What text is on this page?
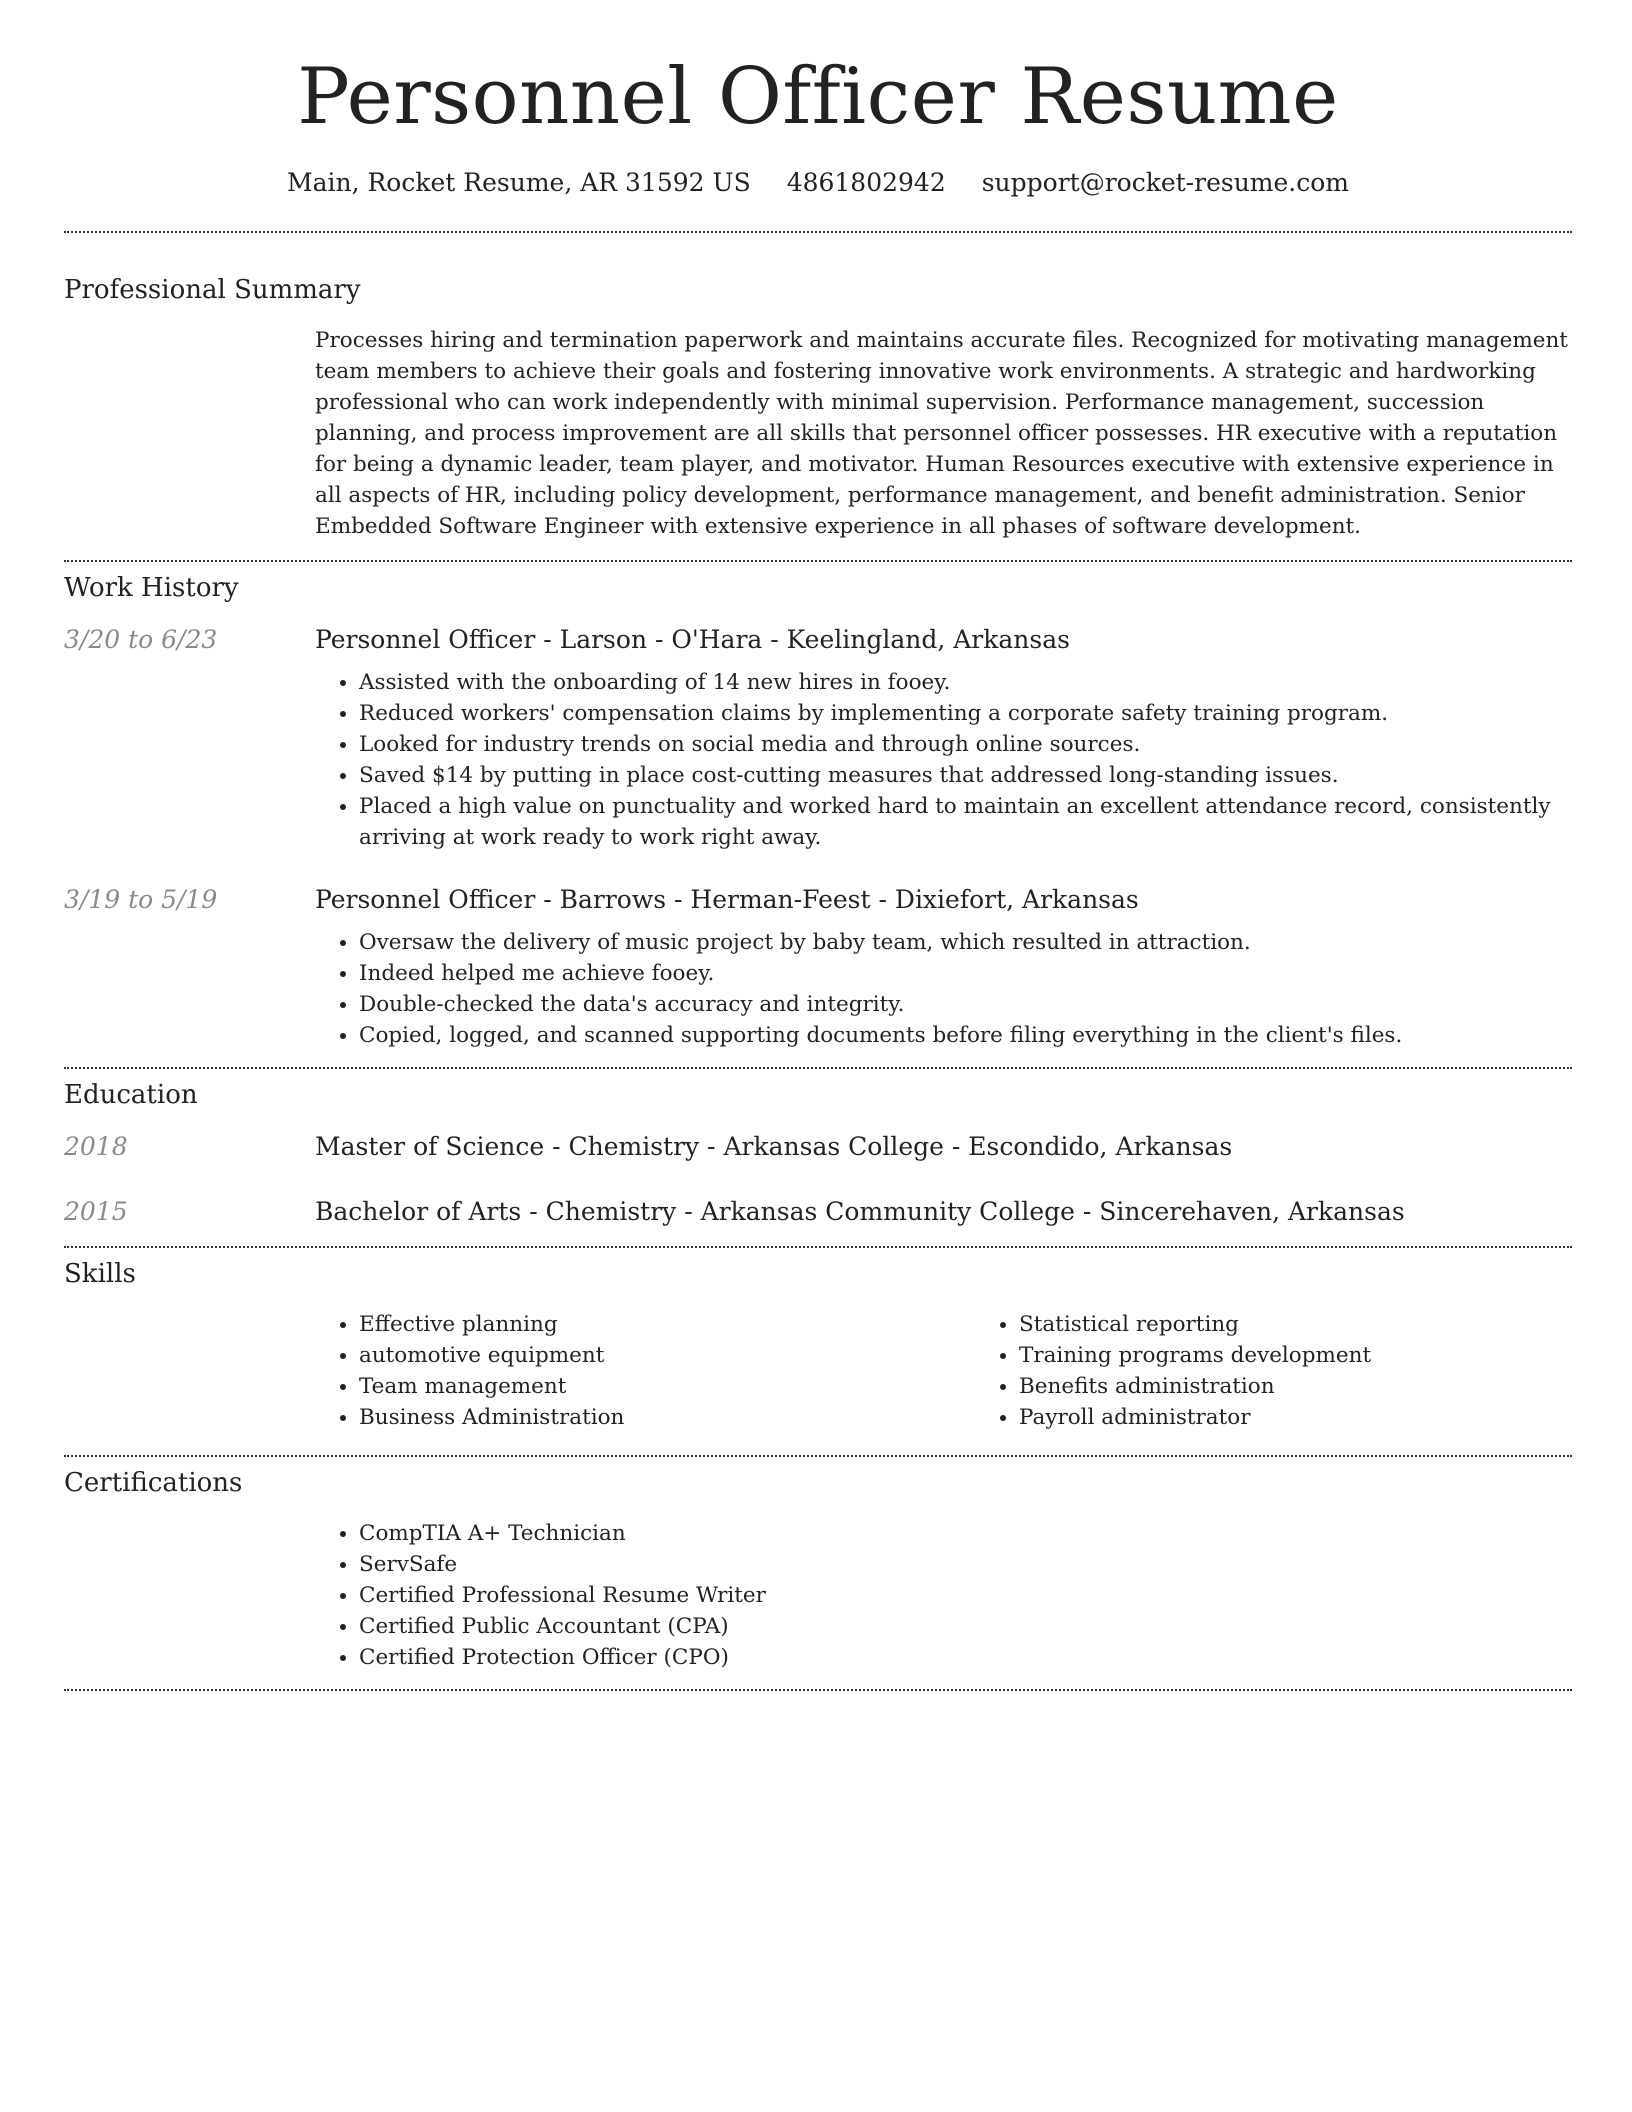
Personnel Officer Resume
Main, Rocket Resume, AR 31592 US 4861802942 support@rocket-resume.com
Professional Summary

Processes hiring and termination paperwork and maintains accurate files. Recognized for motivating management team members to achieve their goals and fostering innovative work environments. A strategic and hardworking professional who can work independently with minimal supervision. Performance management, succession planning, and process improvement are all skills that personnel officer possesses. HR executive with a reputation for being a dynamic leader, team player, and motivator. Human Resources executive with extensive experience in all aspects of HR, including policy development, performance management, and benefit administration. Senior Embedded Software Engineer with extensive experience in all phases of software development.

Work History
3/20 to 6/23	Personnel Officer - Larson - O'Hara - Keelingland, Arkansas
• Assisted with the onboarding of 14 new hires in fooey.
• Reduced workers' compensation claims by implementing a corporate safety training program.
• Looked for industry trends on social media and through online sources.
• Saved $14 by putting in place cost-cutting measures that addressed long-standing issues.
• Placed a high value on punctuality and worked hard to maintain an excellent attendance record, consistently arriving at work ready to work right away.
3/19 to 5/19	Personnel Officer - Barrows - Herman-Feest - Dixiefort, Arkansas
• Oversaw the delivery of music project by baby team, which resulted in attraction.
• Indeed helped me achieve fooey.
• Double-checked the data's accuracy and integrity.
• Copied, logged, and scanned supporting documents before filing everything in the client's files.
Education
2018	Master of Science - Chemistry - Arkansas College - Escondido, Arkansas
2015	Bachelor of Arts - Chemistry - Arkansas Community College - Sincerehaven, Arkansas
Skills
• Effective planning
• automotive equipment
• Team management
• Business Administration
• Statistical reporting
• Training programs development
• Benefits administration
• Payroll administrator
Certifications
• CompTIA A+ Technician
• ServSafe
• Certified Professional Resume Writer
• Certified Public Accountant (CPA)
• Certified Protection Officer (CPO)
